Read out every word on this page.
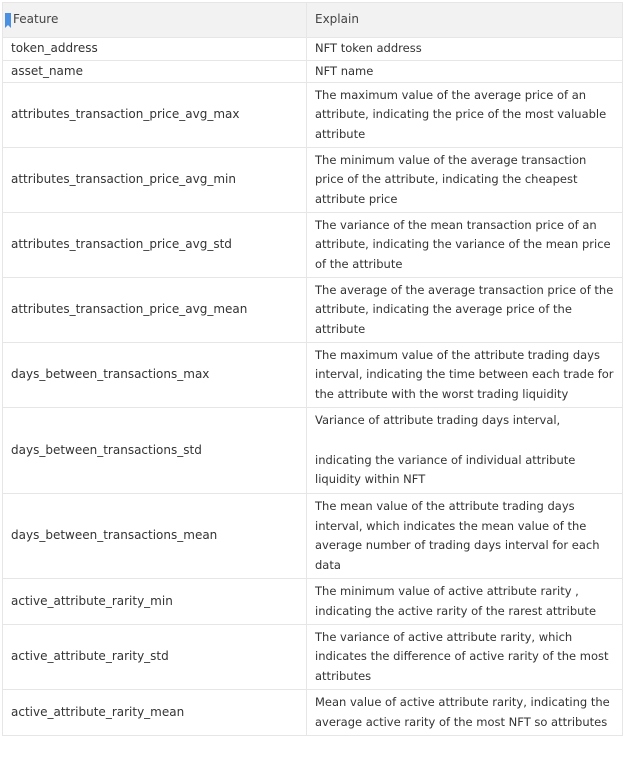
Feature	Explain
token_address	NFT token address
asset_name	NFT name
attributes_transaction_price_avg_max	The maximum value of the average price of an attribute, indicating the price of the most valuable attribute
attributes_transaction_price_avg_min	The minimum value of the average transaction price of the attribute, indicating the cheapest attribute price
attributes_transaction_price_avg_std	The variance of the mean transaction price of an attribute, indicating the variance of the mean price of the attribute
attributes_transaction_price_avg_mean	The average of the average transaction price of the attribute, indicating the average price of the attribute
days_between_transactions_max	The maximum value of the attribute trading days interval, indicating the time between each trade for the attribute with the worst trading liquidity
days_between_transactions_std	Variance of attribute trading days interval,
indicating the variance of individual attribute liquidity within NFT

days_between_transactions_mean	The mean value of the attribute trading days interval, which indicates the mean value of the average number of trading days interval for each data
active_attribute_rarity_min	The minimum value of active attribute rarity , indicating the active rarity of the rarest attribute
active_attribute_rarity_std	The variance of active attribute rarity, which indicates the difference of active rarity of the most attributes
active_attribute_rarity_mean	Mean value of active attribute rarity, indicating the average active rarity of the most NFT so attributes
